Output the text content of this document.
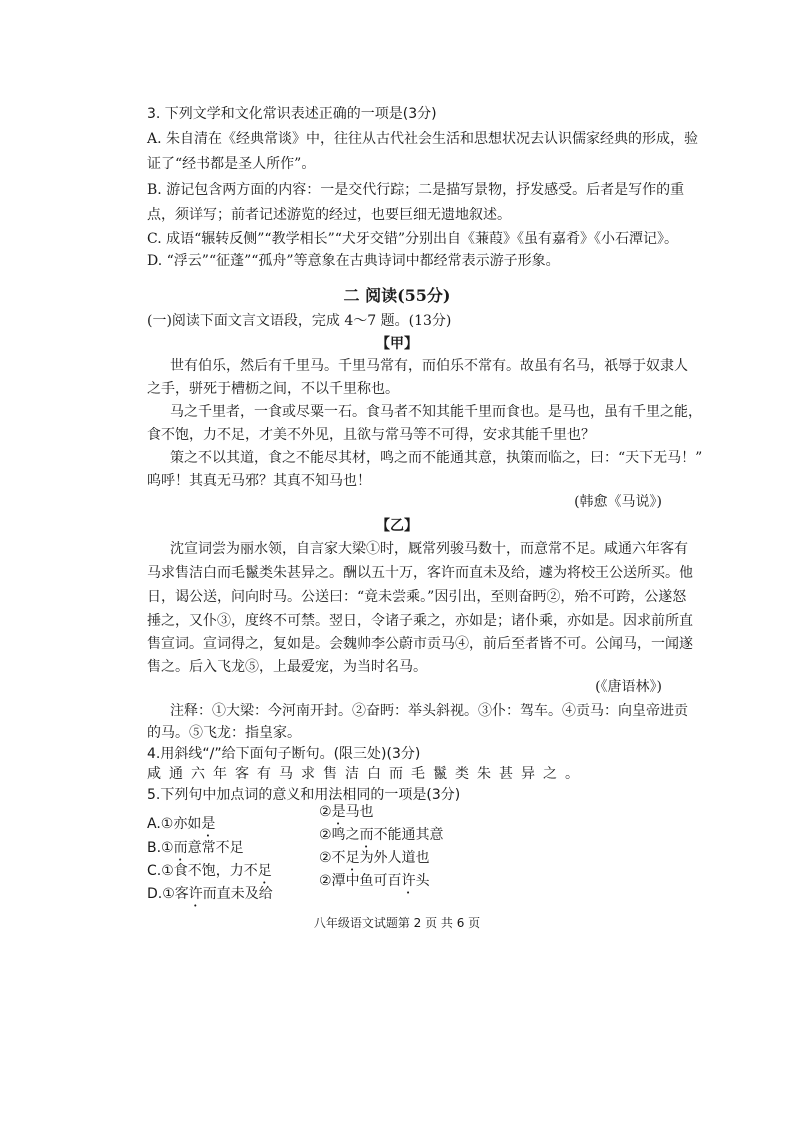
3. 下列文学和文化常识表述正确的一项是(3分)
A. 朱自清在《经典常谈》中，往往从古代社会生活和思想状况去认识儒家经典的形成，验
证了“经书都是圣人所作”。
B. 游记包含两方面的内容：一是交代行踪；二是描写景物，抒发感受。后者是写作的重
点，须详写；前者记述游览的经过，也要巨细无遗地叙述。
C. 成语“辗转反侧”“教学相长”“犬牙交错”分别出自《蒹葭》《虽有嘉肴》《小石潭记》。
D. “浮云”“征蓬”“孤舟”等意象在古典诗词中都经常表示游子形象。
二 阅读(55分)
(一)阅读下面文言文语段，完成 4～7 题。(13分)
【甲】
世有伯乐，然后有千里马。千里马常有，而伯乐不常有。故虽有名马，祇辱于奴隶人
之手，骈死于槽枥之间，不以千里称也。
马之千里者，一食或尽粟一石。食马者不知其能千里而食也。是马也，虽有千里之能，
食不饱，力不足，才美不外见，且欲与常马等不可得，安求其能千里也？
策之不以其道，食之不能尽其材，鸣之而不能通其意，执策而临之，曰：“天下无马！”
呜呼！其真无马邪？其真不知马也！
(韩愈《马说》)
【乙】
沈宣词尝为丽水领，自言家大梁①时，厩常列骏马数十，而意常不足。咸通六年客有
马求售洁白而毛鬣类朱甚异之。酬以五十万，客许而直未及给，遽为将校王公送所买。他
日，谒公送，问向时马。公送曰：“竟未尝乘。”因引出，至则奋眄②，殆不可跨，公遂怒
捶之，又仆③，度终不可禁。翌日，令诸子乘之，亦如是；诸仆乘，亦如是。因求前所直
售宣词。宣词得之，复如是。会魏帅李公蔚市贡马④，前后至者皆不可。公闻马，一闻遂
售之。后入飞龙⑤，上最爱宠，为当时名马。
(《唐语林》)
注释：①大梁：今河南开封。②奋眄：举头斜视。③仆：驾车。④贡马：向皇帝进贡
的马。⑤飞龙：指皇家。
4.用斜线“/”给下面句子断句。(限三处)(3分)
咸通六年客有马求售洁白而毛鬣类朱甚异之。
5.下列句中加点词的意义和用法相同的一项是(3分)
A.①亦如是
②是马也
B.①而意常不足
②鸣之而不能通其意
C.①食不饱，力不足
②不足为外人道也
D.①客许而直未及给
②潭中鱼可百许头
八年级语文试题第 2 页 共 6 页
